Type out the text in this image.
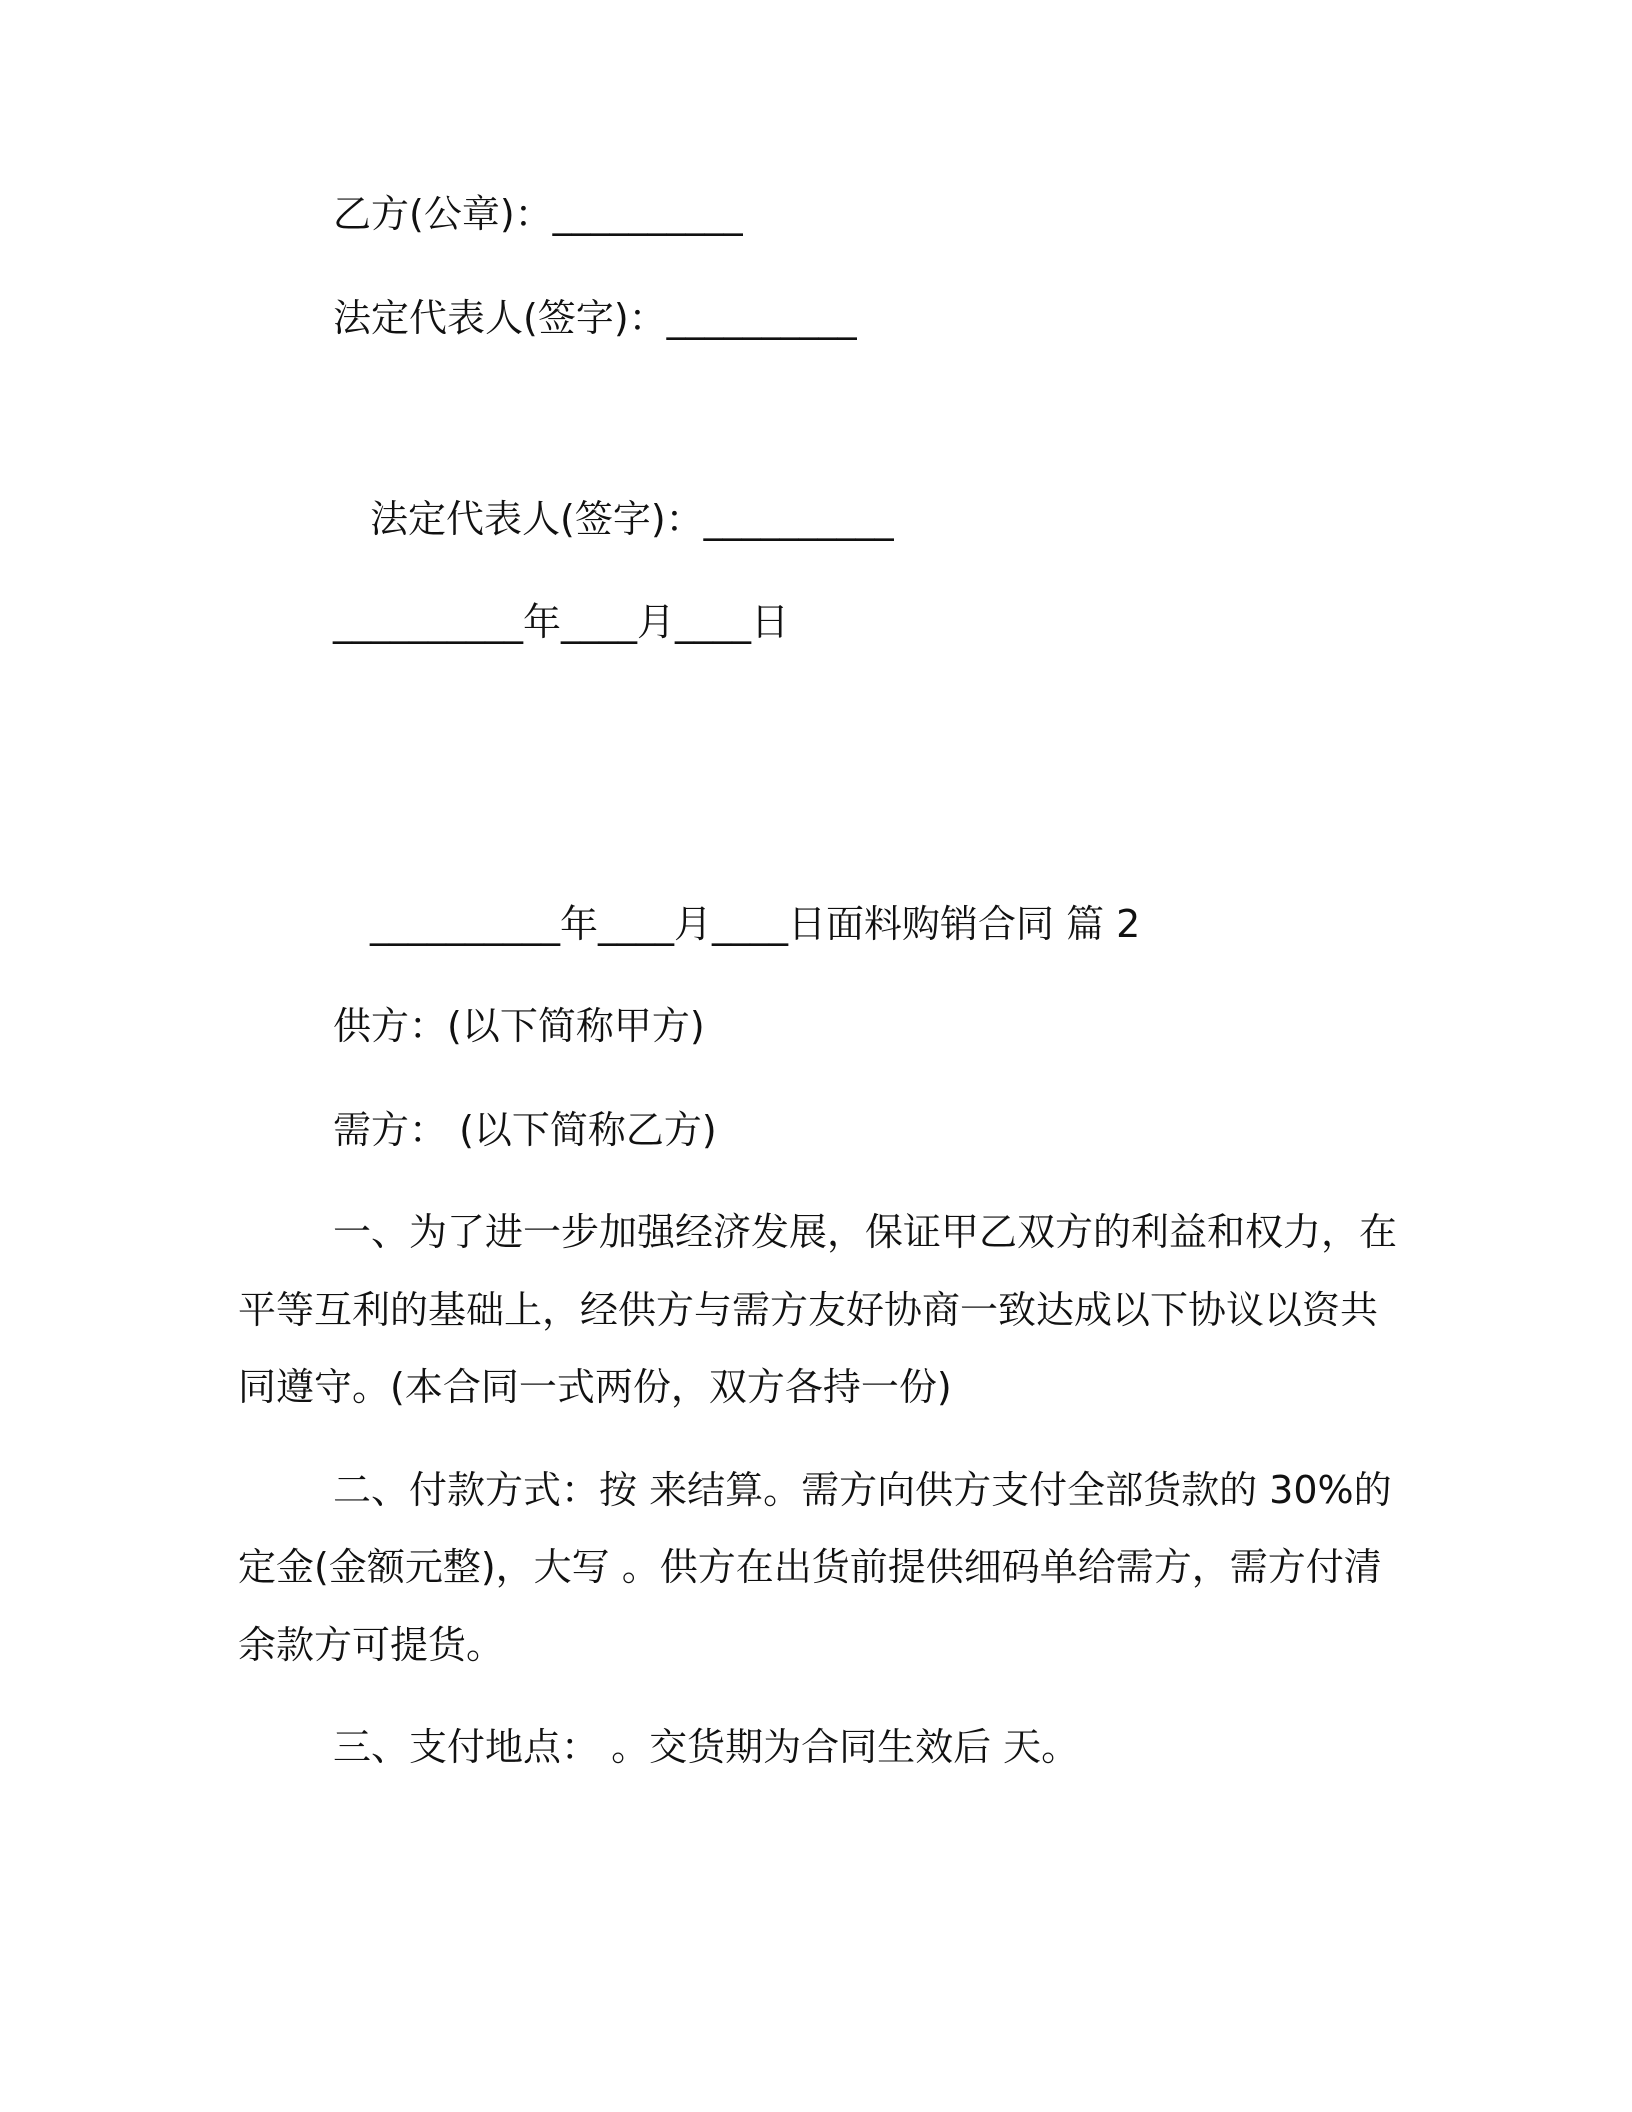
乙方(公章)：__________
法定代表人(签字)：__________
法定代表人(签字)：__________
__________年____月____日
__________年____月____日面料购销合同 篇 2
供方：(以下简称甲方)
需方： (以下简称乙方)
一、为了进一步加强经济发展，保证甲乙双方的利益和权力，在
平等互利的基础上，经供方与需方友好协商一致达成以下协议以资共
同遵守。(本合同一式两份，双方各持一份)
二、付款方式：按 来结算。需方向供方支付全部货款的 30%的
定金(金额元整)，大写 。供方在出货前提供细码单给需方，需方付清
余款方可提货。
三、支付地点： 。交货期为合同生效后 天。
